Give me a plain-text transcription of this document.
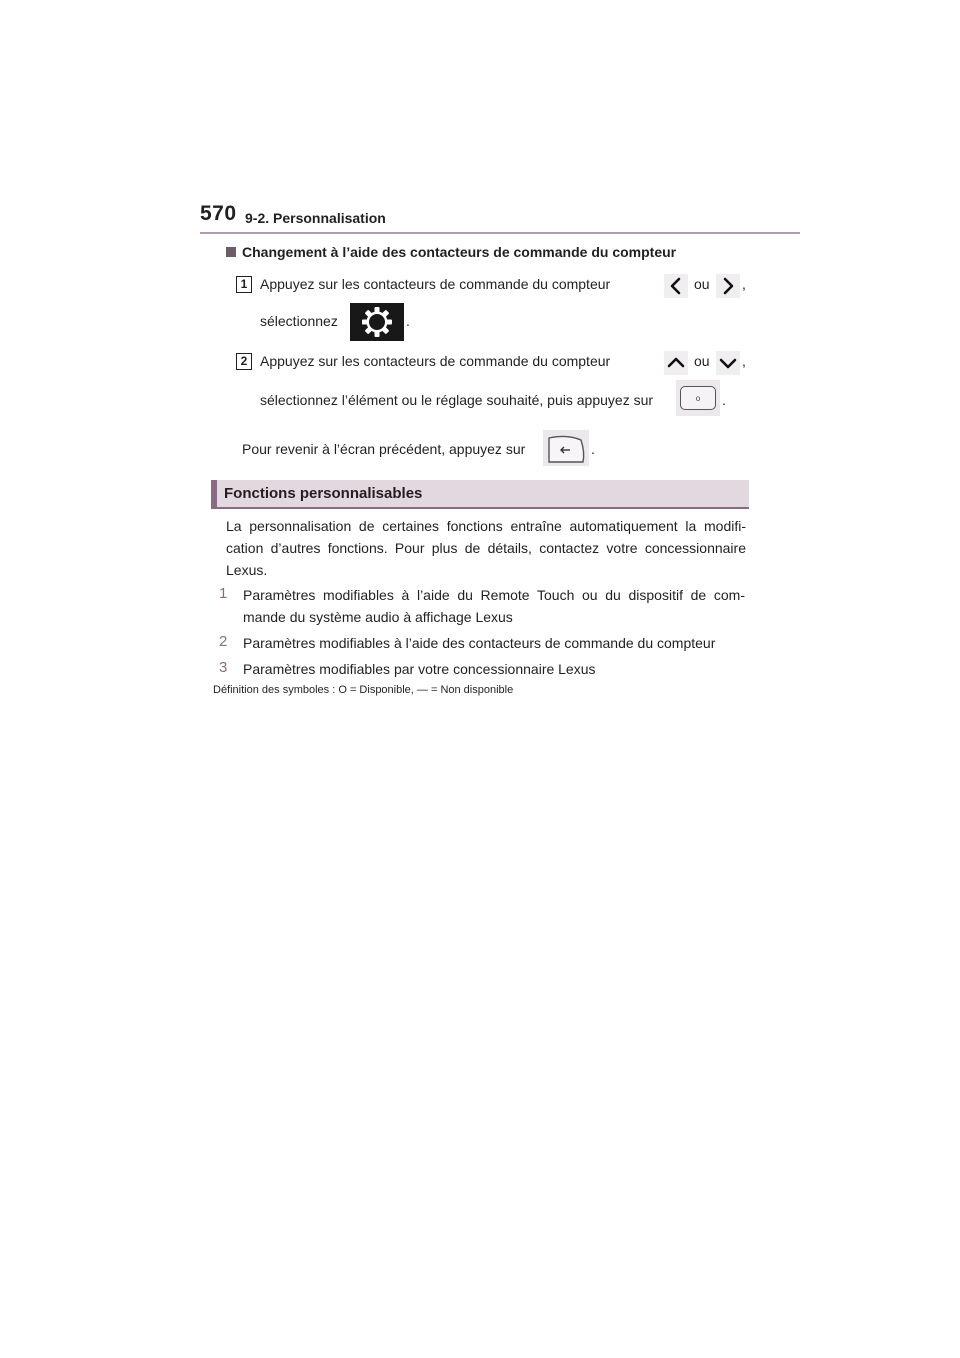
570 9-2. Personnalisation
Changement à l’aide des contacteurs de commande du compteur
1 Appuyez sur les contacteurs de commande du compteur	ou ,
sélectionnez	.
2 Appuyez sur les contacteurs de commande du compteur	ou ,
sélectionnez l’élément ou le réglage souhaité, puis appuyez sur	o	.
Pour revenir à l’écran précédent, appuyez sur	.
Fonctions personnalisables
La personnalisation de certaines fonctions entraîne automatiquement la modifi-cation d’autres fonctions. Pour plus de détails, contactez votre concessionnaire Lexus.
1 Paramètres modifiables à l’aide du Remote Touch ou du dispositif de com-mande du système audio à affichage Lexus
2 Paramètres modifiables à l’aide des contacteurs de commande du compteur
3 Paramètres modifiables par votre concessionnaire Lexus
Définition des symboles : O = Disponible, — = Non disponible
